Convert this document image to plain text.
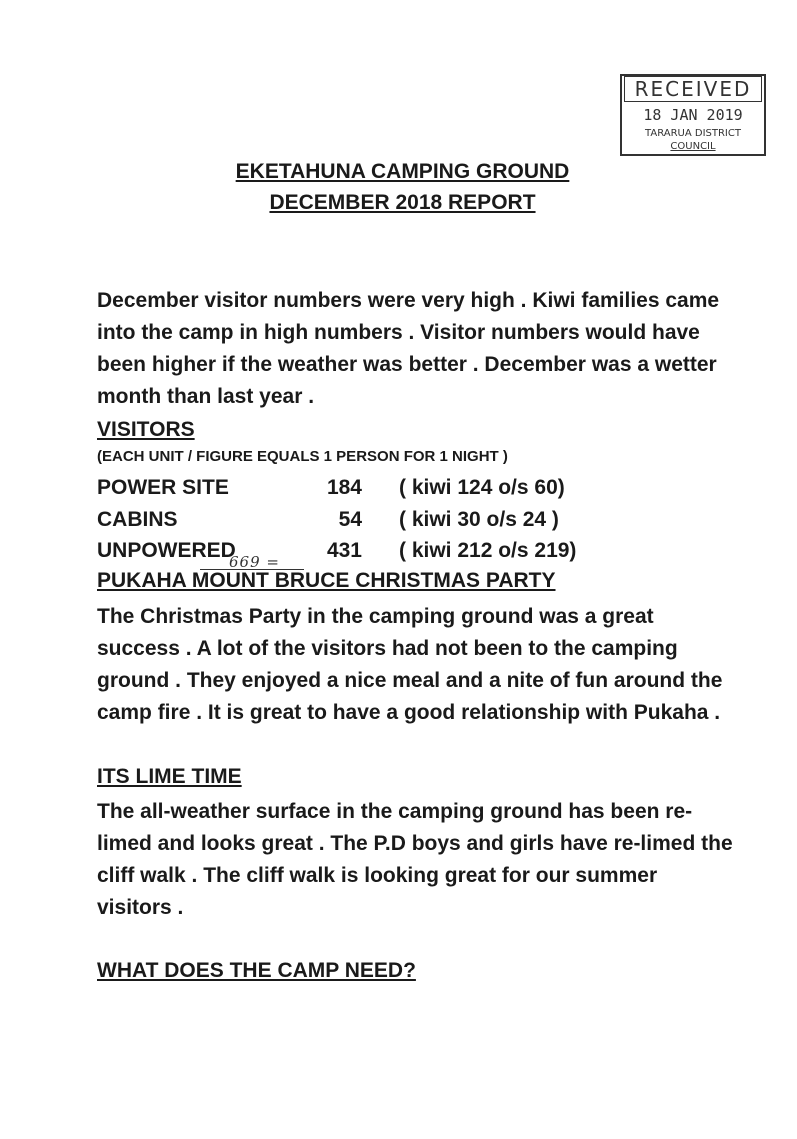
RECEIVED
18 JAN 2019
TARARUA DISTRICT
COUNCIL
EKETAHUNA CAMPING GROUND
DECEMBER 2018 REPORT

December visitor numbers were very high . Kiwi families came into the camp in high numbers . Visitor numbers would have been higher if the weather was better . December was a wetter month than last year .

VISITORS
(EACH UNIT / FIGURE EQUALS 1 PERSON FOR 1 NIGHT )
POWER SITE	184 ( kiwi 124 o/s 60)
CABINS	54 ( kiwi 30 o/s 24 )
UNPOWERED	431 ( kiwi 212 o/s 219)
669 =
PUKAHA MOUNT BRUCE CHRISTMAS PARTY

The Christmas Party in the camping ground was a great success . A lot of the visitors had not been to the camping ground . They enjoyed a nice meal and a nite of fun around the camp fire . It is great to have a good relationship with Pukaha .

ITS LIME TIME

The all-weather surface in the camping ground has been re-limed and looks great . The P.D boys and girls have re-limed the cliff walk . The cliff walk is looking great for our summer visitors .

WHAT DOES THE CAMP NEED?
